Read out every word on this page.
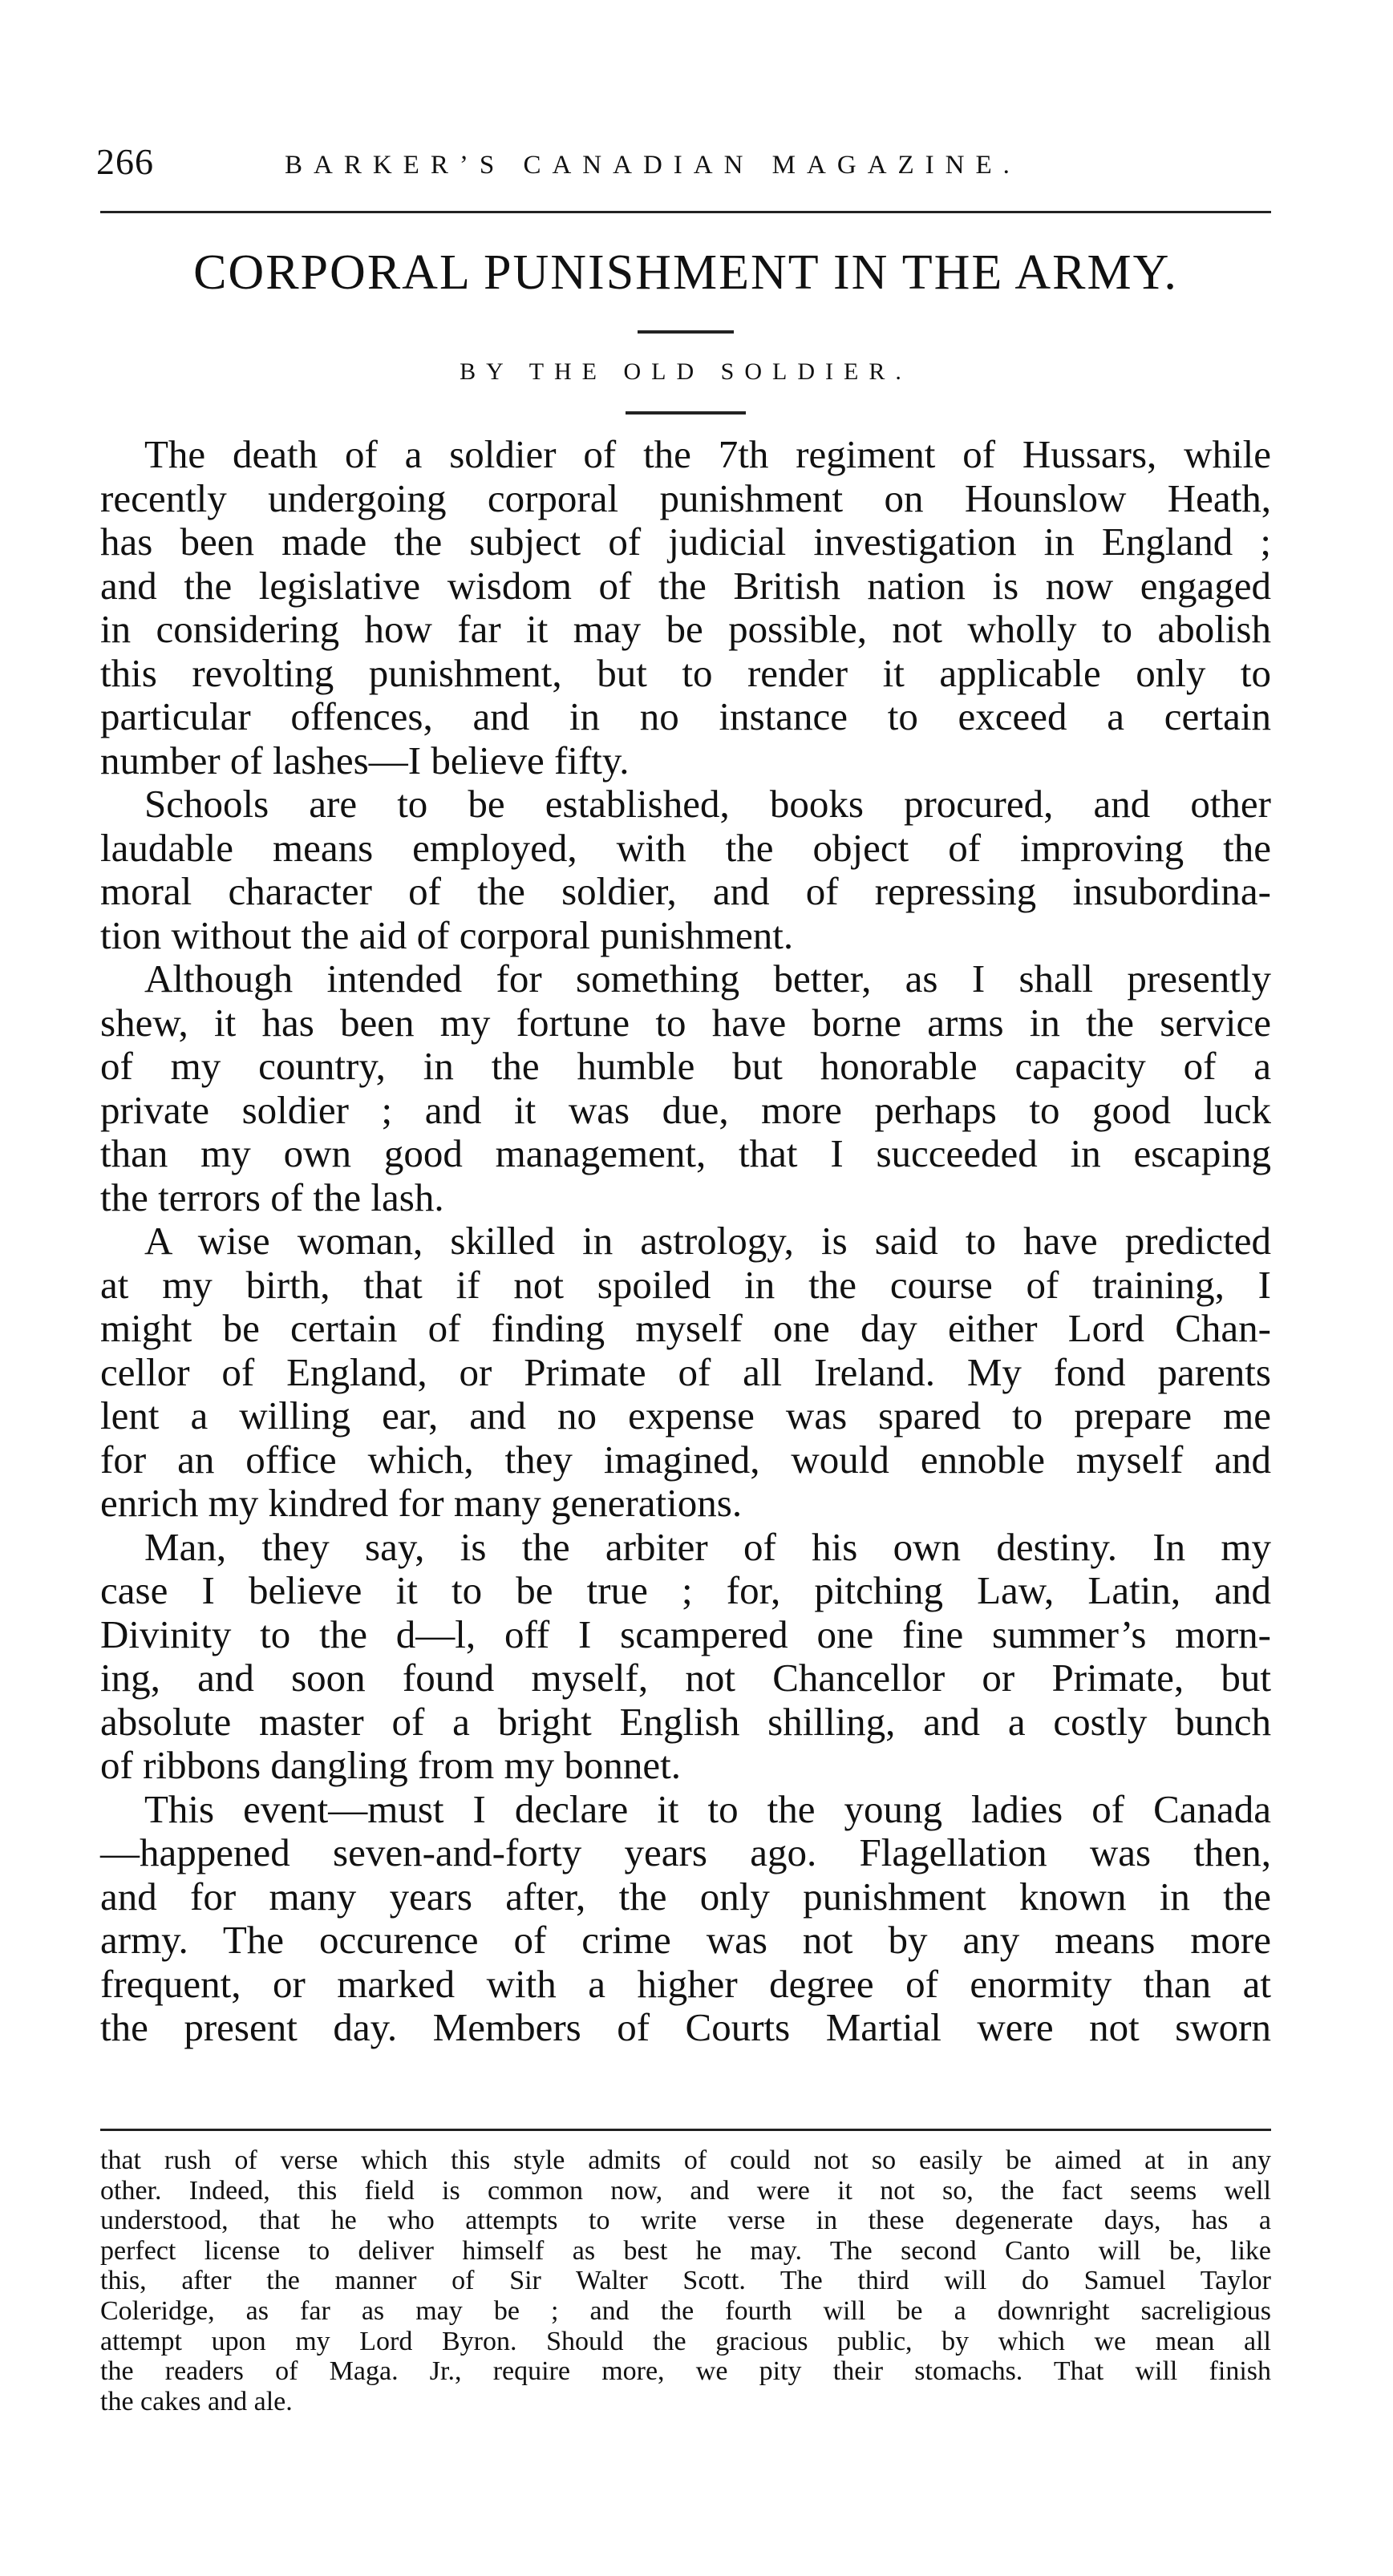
266	BARKER’S CANADIAN MAGAZINE.
CORPORAL PUNISHMENT IN THE ARMY.
BY THE OLD SOLDIER.
The death of a soldier of the 7th regiment of Hussars, while
recently undergoing corporal punishment on Hounslow Heath,
has been made the subject of judicial investigation in England ;
and the legislative wisdom of the British nation is now engaged
in considering how far it may be possible, not wholly to abolish
this revolting punishment, but to render it applicable only to
particular offences, and in no instance to exceed a certain
number of lashes—I believe fifty.
Schools are to be established, books procured, and other
laudable means employed, with the object of improving the
moral character of the soldier, and of repressing insubordina-
tion without the aid of corporal punishment.
Although intended for something better, as I shall presently
shew, it has been my fortune to have borne arms in the service
of my country, in the humble but honorable capacity of a
private soldier ; and it was due, more perhaps to good luck
than my own good management, that I succeeded in escaping
the terrors of the lash.
A wise woman, skilled in astrology, is said to have predicted
at my birth, that if not spoiled in the course of training, I
might be certain of finding myself one day either Lord Chan-
cellor of England, or Primate of all Ireland. My fond parents
lent a willing ear, and no expense was spared to prepare me
for an office which, they imagined, would ennoble myself and
enrich my kindred for many generations.
Man, they say, is the arbiter of his own destiny. In my
case I believe it to be true ; for, pitching Law, Latin, and
Divinity to the d—l, off I scampered one fine summer’s morn-
ing, and soon found myself, not Chancellor or Primate, but
absolute master of a bright English shilling, and a costly bunch
of ribbons dangling from my bonnet.
This event—must I declare it to the young ladies of Canada
—happened seven-and-forty years ago. Flagellation was then,
and for many years after, the only punishment known in the
army. The occurence of crime was not by any means more
frequent, or marked with a higher degree of enormity than at
the present day. Members of Courts Martial were not sworn
that rush of verse which this style admits of could not so easily be aimed at in any
other. Indeed, this field is common now, and were it not so, the fact seems well
understood, that he who attempts to write verse in these degenerate days, has a
perfect license to deliver himself as best he may. The second Canto will be, like
this, after the manner of Sir Walter Scott. The third will do Samuel Taylor
Coleridge, as far as may be ; and the fourth will be a downright sacreligious
attempt upon my Lord Byron. Should the gracious public, by which we mean all
the readers of Maga. Jr., require more, we pity their stomachs. That will finish
the cakes and ale.
